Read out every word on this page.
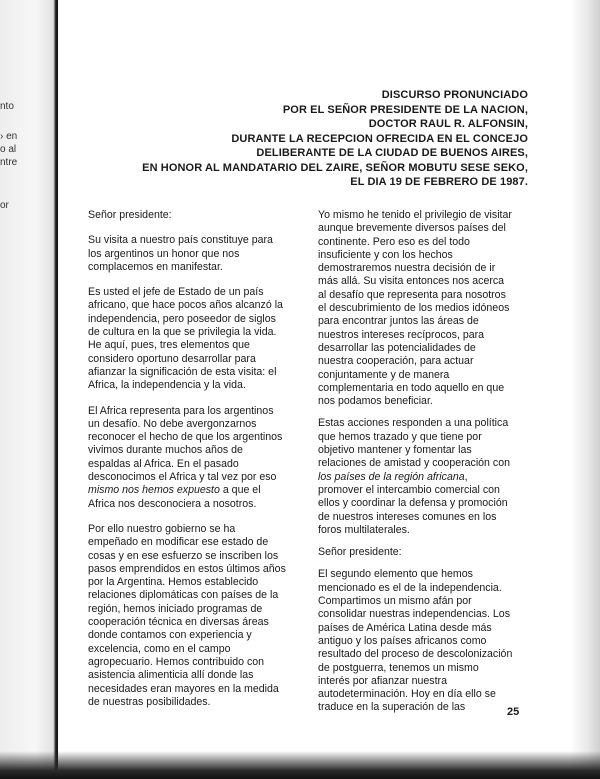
nto
› en
o al
ntre
or
DISCURSO PRONUNCIADO
POR EL SEÑOR PRESIDENTE DE LA NACION,
DOCTOR RAUL R. ALFONSIN,
DURANTE LA RECEPCION OFRECIDA EN EL CONCEJO
DELIBERANTE DE LA CIUDAD DE BUENOS AIRES,
EN HONOR AL MANDATARIO DEL ZAIRE, SEÑOR MOBUTU SESE SEKO,
EL DIA 19 DE FEBRERO DE 1987.

Señor presidente:

Su visita a nuestro país constituye para los argentinos un honor que nos complacemos en manifestar.

Es usted el jefe de Estado de un país africano, que hace pocos años alcanzó la independencia, pero poseedor de siglos de cultura en la que se privilegia la vida. He aquí, pues, tres elementos que considero oportuno desarrollar para afianzar la significación de esta visita: el Africa, la independencia y la vida.

El Africa representa para los argentinos un desafío. No debe avergonzarnos reconocer el hecho de que los argentinos vivimos durante muchos años de espaldas al Africa. En el pasado desconocimos el Africa y tal vez por eso mismo nos hemos expuesto a que el Africa nos desconociera a nosotros.

Por ello nuestro gobierno se ha empeñado en modificar ese estado de cosas y en ese esfuerzo se inscriben los pasos emprendidos en estos últimos años por la Argentina. Hemos establecido relaciones diplomáticas con países de la región, hemos iniciado programas de cooperación técnica en diversas áreas donde contamos con experiencia y excelencia, como en el campo agropecuario. Hemos contribuido con asistencia alimenticia allí donde las necesidades eran mayores en la medida de nuestras posibilidades.

Yo mismo he tenido el privilegio de visitar aunque brevemente diversos países del continente. Pero eso es del todo insuficiente y con los hechos demostraremos nuestra decisión de ir más allá. Su visita entonces nos acerca al desafío que representa para nosotros el descubrimiento de los medios idóneos para encontrar juntos las áreas de nuestros intereses recíprocos, para desarrollar las potencialidades de nuestra cooperación, para actuar conjuntamente y de manera complementaria en todo aquello en que nos podamos beneficiar.

Estas acciones responden a una política que hemos trazado y que tiene por objetivo mantener y fomentar las relaciones de amistad y cooperación con los países de la región africana, promover el intercambio comercial con ellos y coordinar la defensa y promoción de nuestros intereses comunes en los foros multilaterales.

Señor presidente:

El segundo elemento que hemos mencionado es el de la independencia. Compartimos un mismo afán por consolidar nuestras independencias. Los países de América Latina desde más antiguo y los países africanos como resultado del proceso de descolonización de postguerra, tenemos un mismo interés por afianzar nuestra autodeterminación. Hoy en día ello se traduce en la superación de las	25
